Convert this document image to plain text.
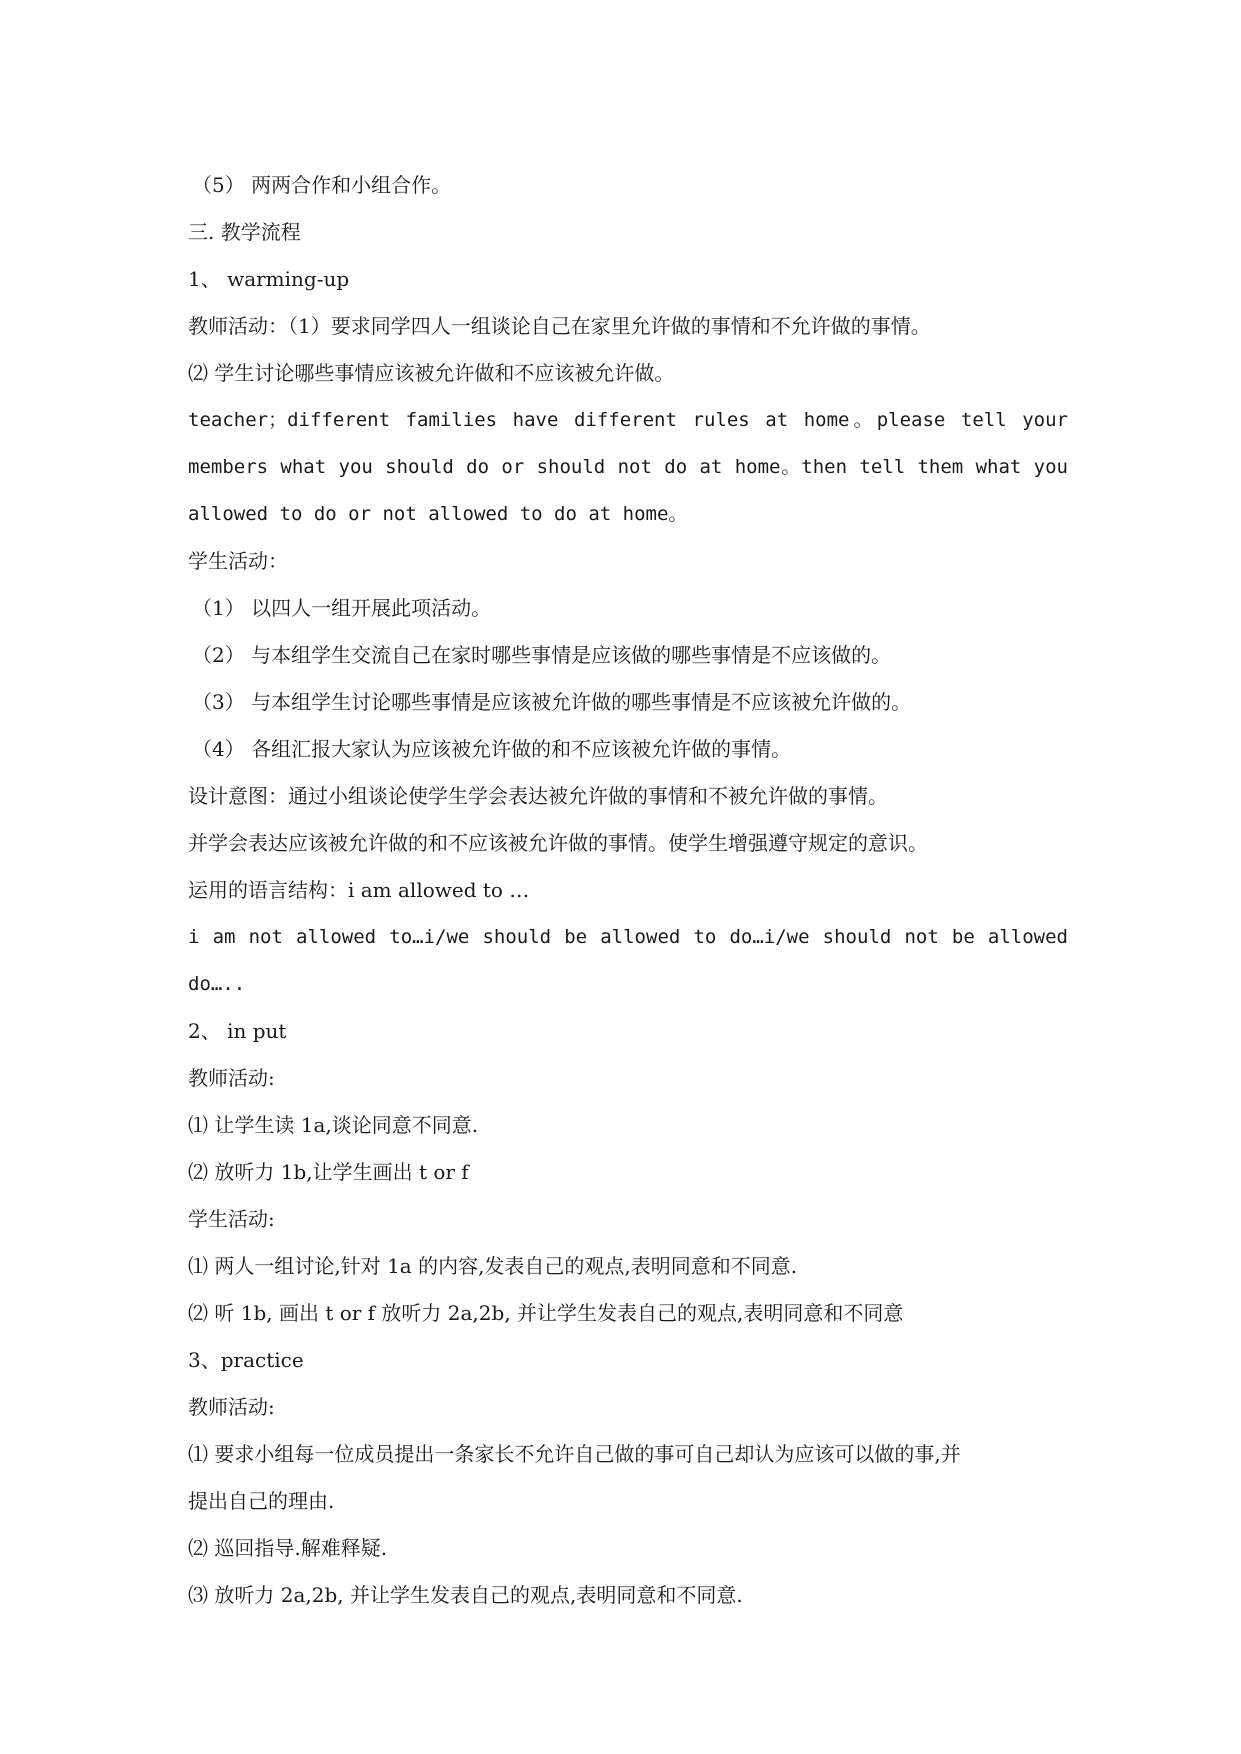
（5） 两两合作和小组合作。
三. 教学流程
1、 warming-up
教师活动：（1）要求同学四人一组谈论自己在家里允许做的事情和不允许做的事情。
⑵ 学生讨论哪些事情应该被允许做和不应该被允许做。
teacher；different families have different rules at home。please tell your
members what you should do or should not do at home。then tell them what you
allowed to do or not allowed to do at home。
学生活动：
（1） 以四人一组开展此项活动。
（2） 与本组学生交流自己在家时哪些事情是应该做的哪些事情是不应该做的。
（3） 与本组学生讨论哪些事情是应该被允许做的哪些事情是不应该被允许做的。
（4） 各组汇报大家认为应该被允许做的和不应该被允许做的事情。
设计意图：通过小组谈论使学生学会表达被允许做的事情和不被允许做的事情。
并学会表达应该被允许做的和不应该被允许做的事情。使学生增强遵守规定的意识。
运用的语言结构：i am allowed to …
i am not allowed to…i/we should be allowed to do…i/we should not be allowed
do…..
2、 in put
教师活动:
⑴ 让学生读 1a,谈论同意不同意.
⑵ 放听力 1b,让学生画出 t or f
学生活动:
⑴ 两人一组讨论,针对 1a 的内容,发表自己的观点,表明同意和不同意.
⑵ 听 1b, 画出 t or f 放听力 2a,2b, 并让学生发表自己的观点,表明同意和不同意
3、practice
教师活动:
⑴ 要求小组每一位成员提出一条家长不允许自己做的事可自己却认为应该可以做的事,并
提出自己的理由.
⑵ 巡回指导.解难释疑.
⑶ 放听力 2a,2b, 并让学生发表自己的观点,表明同意和不同意.
